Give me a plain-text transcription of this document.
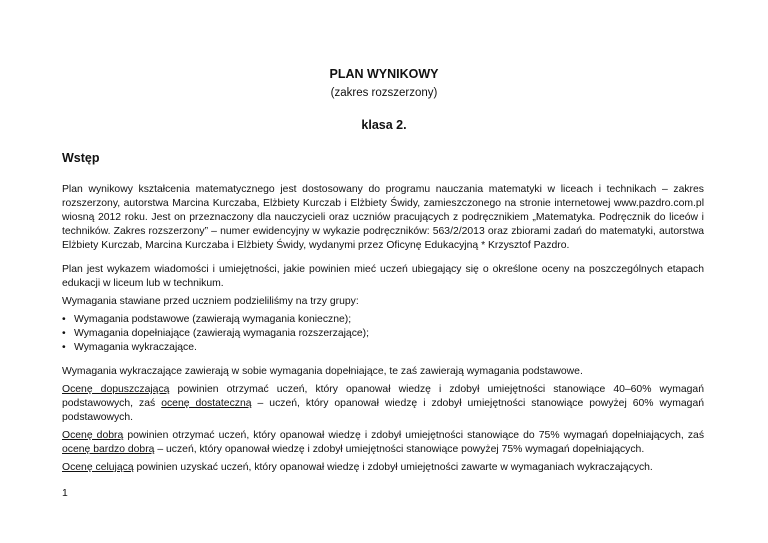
PLAN WYNIKOWY

(zakres rozszerzony)

klasa 2.

Wstęp

Plan wynikowy kształcenia matematycznego jest dostosowany do programu nauczania matematyki w liceach i technikach – zakres rozszerzony, autorstwa Marcina Kurczaba, Elżbiety Kurczab i Elżbiety Świdy, zamieszczonego na stronie internetowej www.pazdro.com.pl wiosną 2012 roku. Jest on przeznaczony dla nauczycieli oraz uczniów pracujących z podręcznikiem „Matematyka. Podręcznik do liceów i techników. Zakres rozszerzony” – numer ewidencyjny w wykazie podręczników: 563/2/2013 oraz zbiorami zadań do matematyki, autorstwa Elżbiety Kurczab, Marcina Kurczaba i Elżbiety Świdy, wydanymi przez Oficynę Edukacyjną * Krzysztof Pazdro.

Plan jest wykazem wiadomości i umiejętności, jakie powinien mieć uczeń ubiegający się o określone oceny na poszczególnych etapach edukacji w liceum lub w technikum.

Wymagania stawiane przed uczniem podzieliliśmy na trzy grupy:

• Wymagania podstawowe (zawierają wymagania konieczne);
• Wymagania dopełniające (zawierają wymagania rozszerzające);
• Wymagania wykraczające.

Wymagania wykraczające zawierają w sobie wymagania dopełniające, te zaś zawierają wymagania podstawowe.

Ocenę dopuszczającą powinien otrzymać uczeń, który opanował wiedzę i zdobył umiejętności stanowiące 40–60% wymagań podstawowych, zaś ocenę dostateczną – uczeń, który opanował wiedzę i zdobył umiejętności stanowiące powyżej 60% wymagań podstawowych.

Ocenę dobrą powinien otrzymać uczeń, który opanował wiedzę i zdobył umiejętności stanowiące do 75% wymagań dopełniających, zaś ocenę bardzo dobrą – uczeń, który opanował wiedzę i zdobył umiejętności stanowiące powyżej 75% wymagań dopełniających.

Ocenę celującą powinien uzyskać uczeń, który opanował wiedzę i zdobył umiejętności zawarte w wymaganiach wykraczających.

1
